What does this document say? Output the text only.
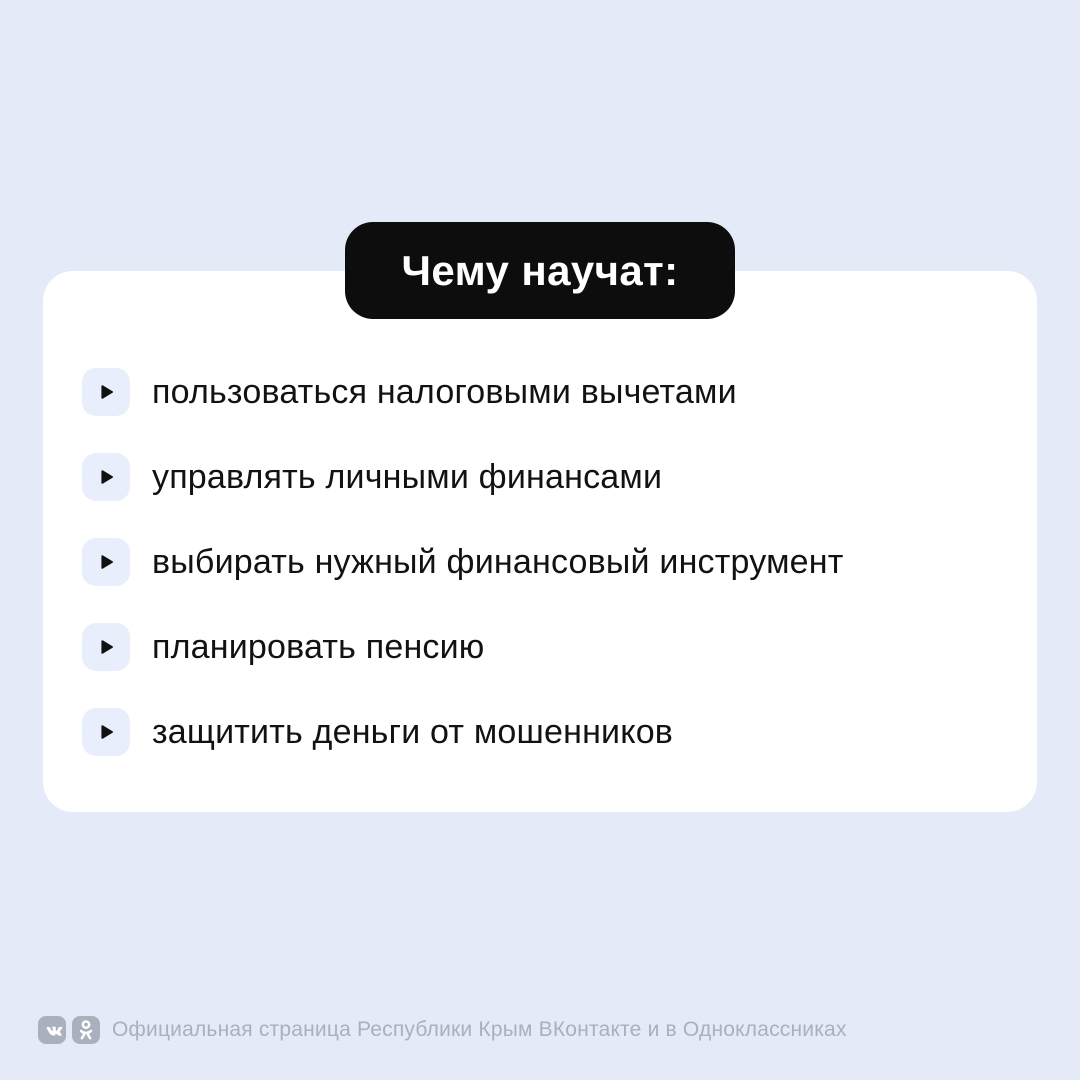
Чему научат:
пользоваться налоговыми вычетами
управлять личными финансами
выбирать нужный финансовый инструмент
планировать пенсию
защитить деньги от мошенников
Официальная страница Республики Крым ВКонтакте и в Одноклассниках
